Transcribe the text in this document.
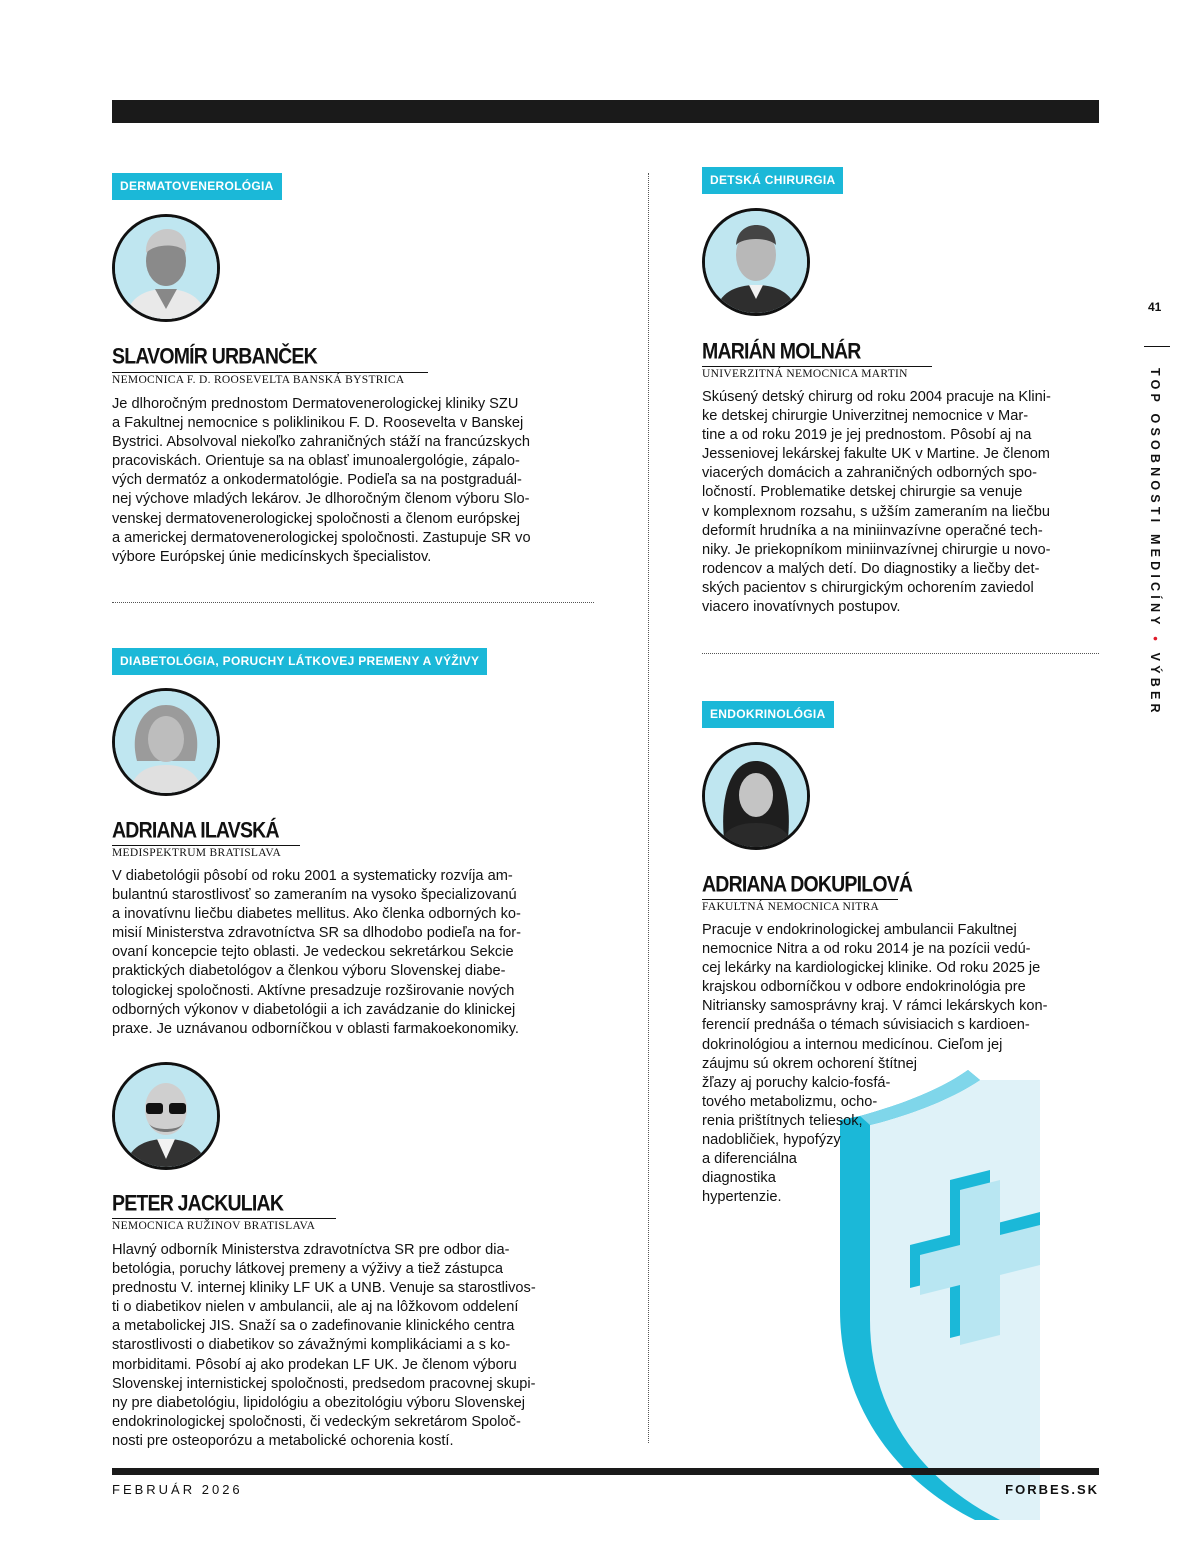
DERMATOVENEROLÓGIA
SLAVOMÍR URBANČEK
NEMOCNICA F. D. ROOSEVELTA BANSKÁ BYSTRICA

Je dlhoročným prednostom Dermatovenerologickej kliniky SZU
a Fakultnej nemocnice s poliklinikou F. D. Roosevelta v Banskej
Bystrici. Absolvoval niekoľko zahraničných stáží na francúzskych
pracoviskách. Orientuje sa na oblasť imunoalergológie, zápalo-
vých dermatóz a onkodermatológie. Podieľa sa na postgraduál-
nej výchove mladých lekárov. Je dlhoročným členom výboru Slo-
venskej dermatovenerologickej spoločnosti a členom európskej
a americkej dermatovenerologickej spoločnosti. Zastupuje SR vo
výbore Európskej únie medicínskych špecialistov.

DIABETOLÓGIA, PORUCHY LÁTKOVEJ PREMENY A VÝŽIVY
ADRIANA ILAVSKÁ
MEDISPEKTRUM BRATISLAVA

V diabetológii pôsobí od roku 2001 a systematicky rozvíja am-
bulantnú starostlivosť so zameraním na vysoko špecializovanú
a inovatívnu liečbu diabetes mellitus. Ako členka odborných ko-
misií Ministerstva zdravotníctva SR sa dlhodobo podieľa na for-
ovaní koncepcie tejto oblasti. Je vedeckou sekretárkou Sekcie
praktických diabetológov a členkou výboru Slovenskej diabe-
tologickej spoločnosti. Aktívne presadzuje rozširovanie nových
odborných výkonov v diabetológii a ich zavádzanie do klinickej
praxe. Je uznávanou odborníčkou v oblasti farmakoekonomiky.

PETER JACKULIAK
NEMOCNICA RUŽINOV BRATISLAVA

Hlavný odborník Ministerstva zdravotníctva SR pre odbor dia-
betológia, poruchy látkovej premeny a výživy a tiež zástupca
prednostu V. internej kliniky LF UK a UNB. Venuje sa starostlivos-
ti o diabetikov nielen v ambulancii, ale aj na lôžkovom oddelení
a metabolickej JIS. Snaží sa o zadefinovanie klinického centra
starostlivosti o diabetikov so závažnými komplikáciami a s ko-
morbiditami. Pôsobí aj ako prodekan LF UK. Je členom výboru
Slovenskej internistickej spoločnosti, predsedom pracovnej skupi-
ny pre diabetológiu, lipidológiu a obezitológiu výboru Slovenskej
endokrinologickej spoločnosti, či vedeckým sekretárom Spoloč-
nosti pre osteoporózu a metabolické ochorenia kostí.

DETSKÁ CHIRURGIA
MARIÁN MOLNÁR
UNIVERZITNÁ NEMOCNICA MARTIN

Skúsený detský chirurg od roku 2004 pracuje na Klini-
ke detskej chirurgie Univerzitnej nemocnice v Mar-
tine a od roku 2019 je jej prednostom. Pôsobí aj na
Jesseniovej lekárskej fakulte UK v Martine. Je členom
viacerých domácich a zahraničných odborných spo-
ločností. Problematike detskej chirurgie sa venuje
v komplexnom rozsahu, s užším zameraním na liečbu
deformít hrudníka a na miniinvazívne operačné tech-
niky. Je priekopníkom miniinvazívnej chirurgie u novo-
rodencov a malých detí. Do diagnostiky a liečby det-
ských pacientov s chirurgickým ochorením zaviedol
viacero inovatívnych postupov.

ENDOKRINOLÓGIA
ADRIANA DOKUPILOVÁ
FAKULTNÁ NEMOCNICA NITRA

Pracuje v endokrinologickej ambulancii Fakultnej
nemocnice Nitra a od roku 2014 je na pozícii vedú-
cej lekárky na kardiologickej klinike. Od roku 2025 je
krajskou odborníčkou v odbore endokrinológia pre
Nitriansky samosprávny kraj. V rámci lekárskych kon-
ferencií prednáša o témach súvisiacich s kardioen-
dokrinológiou a internou medicínou. Cieľom jej
záujmu sú okrem ochorení štítnej
žľazy aj poruchy kalcio-fosfá-
tového metabolizmu, ocho-
renia prištítnych teliesok,
nadobličiek, hypofýzy
a diferenciálna
diagnostika
hypertenzie.

41
TOP OSOBNOSTI MEDICÍNY • VÝBER
FEBRUÁR 2026	FORBES.SK
